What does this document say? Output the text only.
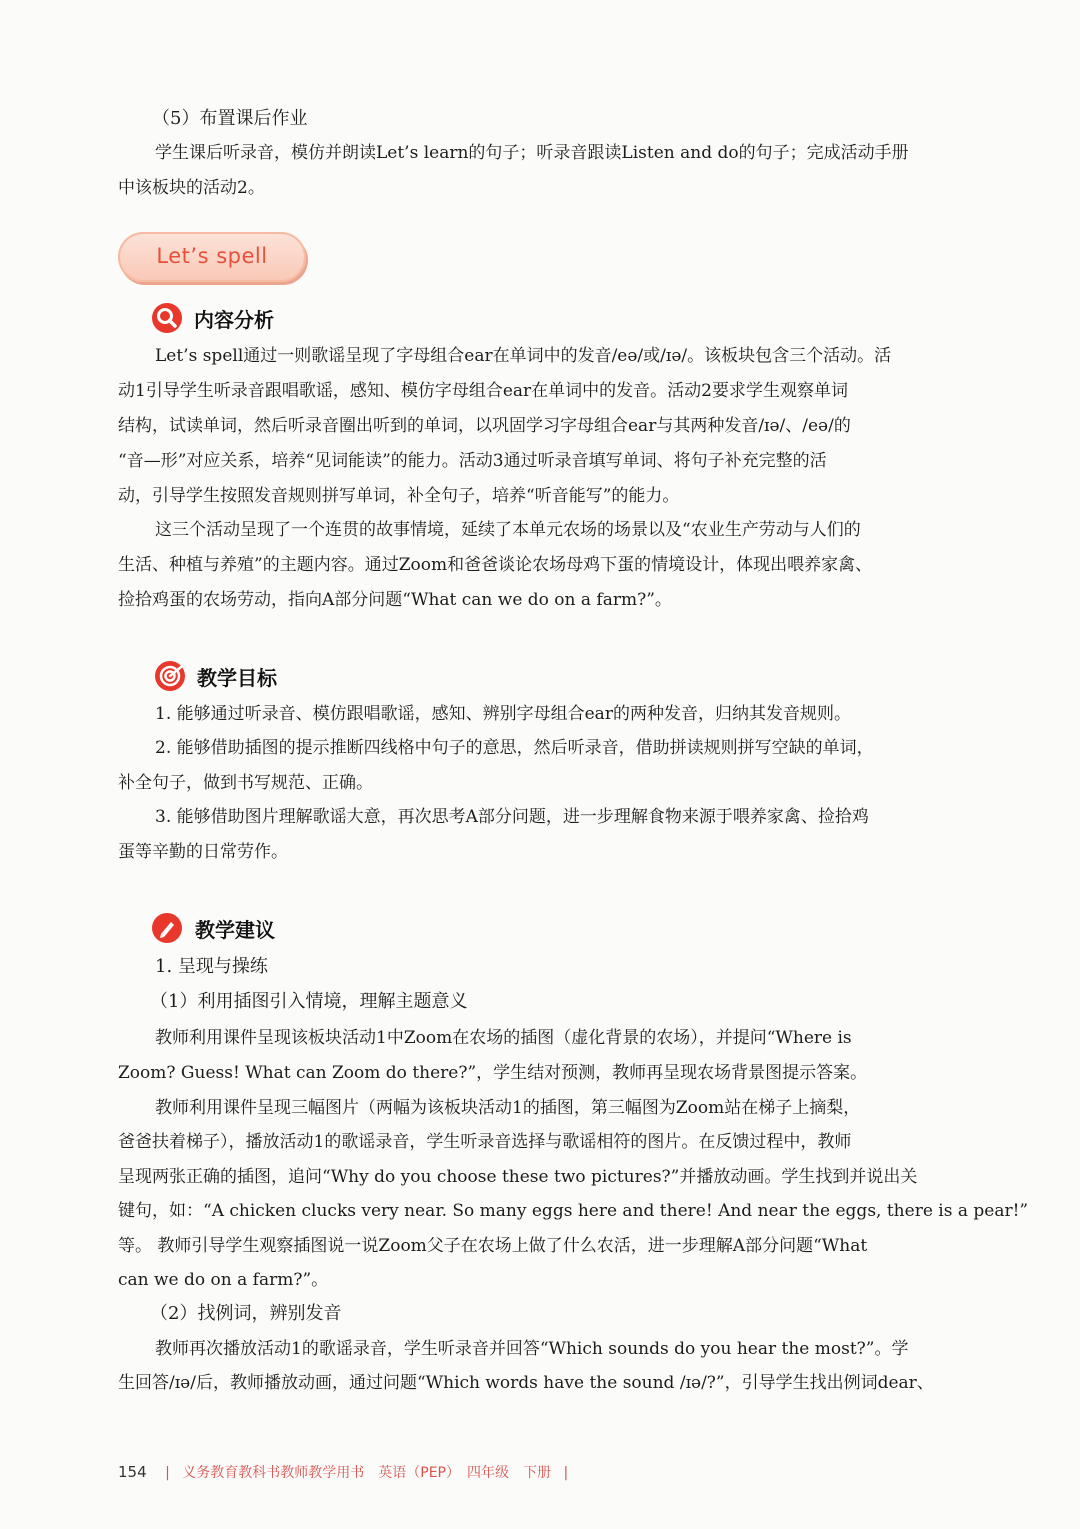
（5）布置课后作业
学生课后听录音，模仿并朗读Let’s learn的句子；听录音跟读Listen and do的句子；完成活动手册
中该板块的活动2。
Let’s spell
内容分析
Let’s spell通过一则歌谣呈现了字母组合ear在单词中的发音/eə/或/ɪə/。该板块包含三个活动。活
动1引导学生听录音跟唱歌谣，感知、模仿字母组合ear在单词中的发音。活动2要求学生观察单词
结构，试读单词，然后听录音圈出听到的单词，以巩固学习字母组合ear与其两种发音/ɪə/、/eə/的
“音—形”对应关系，培养“见词能读”的能力。活动3通过听录音填写单词、将句子补充完整的活
动，引导学生按照发音规则拼写单词，补全句子，培养“听音能写”的能力。
这三个活动呈现了一个连贯的故事情境，延续了本单元农场的场景以及“农业生产劳动与人们的
生活、种植与养殖”的主题内容。通过Zoom和爸爸谈论农场母鸡下蛋的情境设计，体现出喂养家禽、
捡拾鸡蛋的农场劳动，指向A部分问题“What can we do on a farm?”。
教学目标
1. 能够通过听录音、模仿跟唱歌谣，感知、辨别字母组合ear的两种发音，归纳其发音规则。
2. 能够借助插图的提示推断四线格中句子的意思，然后听录音，借助拼读规则拼写空缺的单词，
补全句子，做到书写规范、正确。
3. 能够借助图片理解歌谣大意，再次思考A部分问题，进一步理解食物来源于喂养家禽、捡拾鸡
蛋等辛勤的日常劳作。
教学建议
1. 呈现与操练
（1）利用插图引入情境，理解主题意义
教师利用课件呈现该板块活动1中Zoom在农场的插图（虚化背景的农场），并提问“Where is
Zoom? Guess! What can Zoom do there?”，学生结对预测，教师再呈现农场背景图提示答案。
教师利用课件呈现三幅图片（两幅为该板块活动1的插图，第三幅图为Zoom站在梯子上摘梨，
爸爸扶着梯子），播放活动1的歌谣录音，学生听录音选择与歌谣相符的图片。在反馈过程中，教师
呈现两张正确的插图，追问“Why do you choose these two pictures?”并播放动画。学生找到并说出关
键句，如：“A chicken clucks very near. So many eggs here and there! And near the eggs, there is a pear!”
等。 教师引导学生观察插图说一说Zoom父子在农场上做了什么农活，进一步理解A部分问题“What
can we do on a farm?”。
（2）找例词，辨别发音
教师再次播放活动1的歌谣录音，学生听录音并回答“Which sounds do you hear the most?”。学
生回答/ɪə/后，教师播放动画，通过问题“Which words have the sound /ɪə/?”，引导学生找出例词dear、
154 | 义务教育教科书教师教学用书　英语（PEP）　四年级　下册 |
